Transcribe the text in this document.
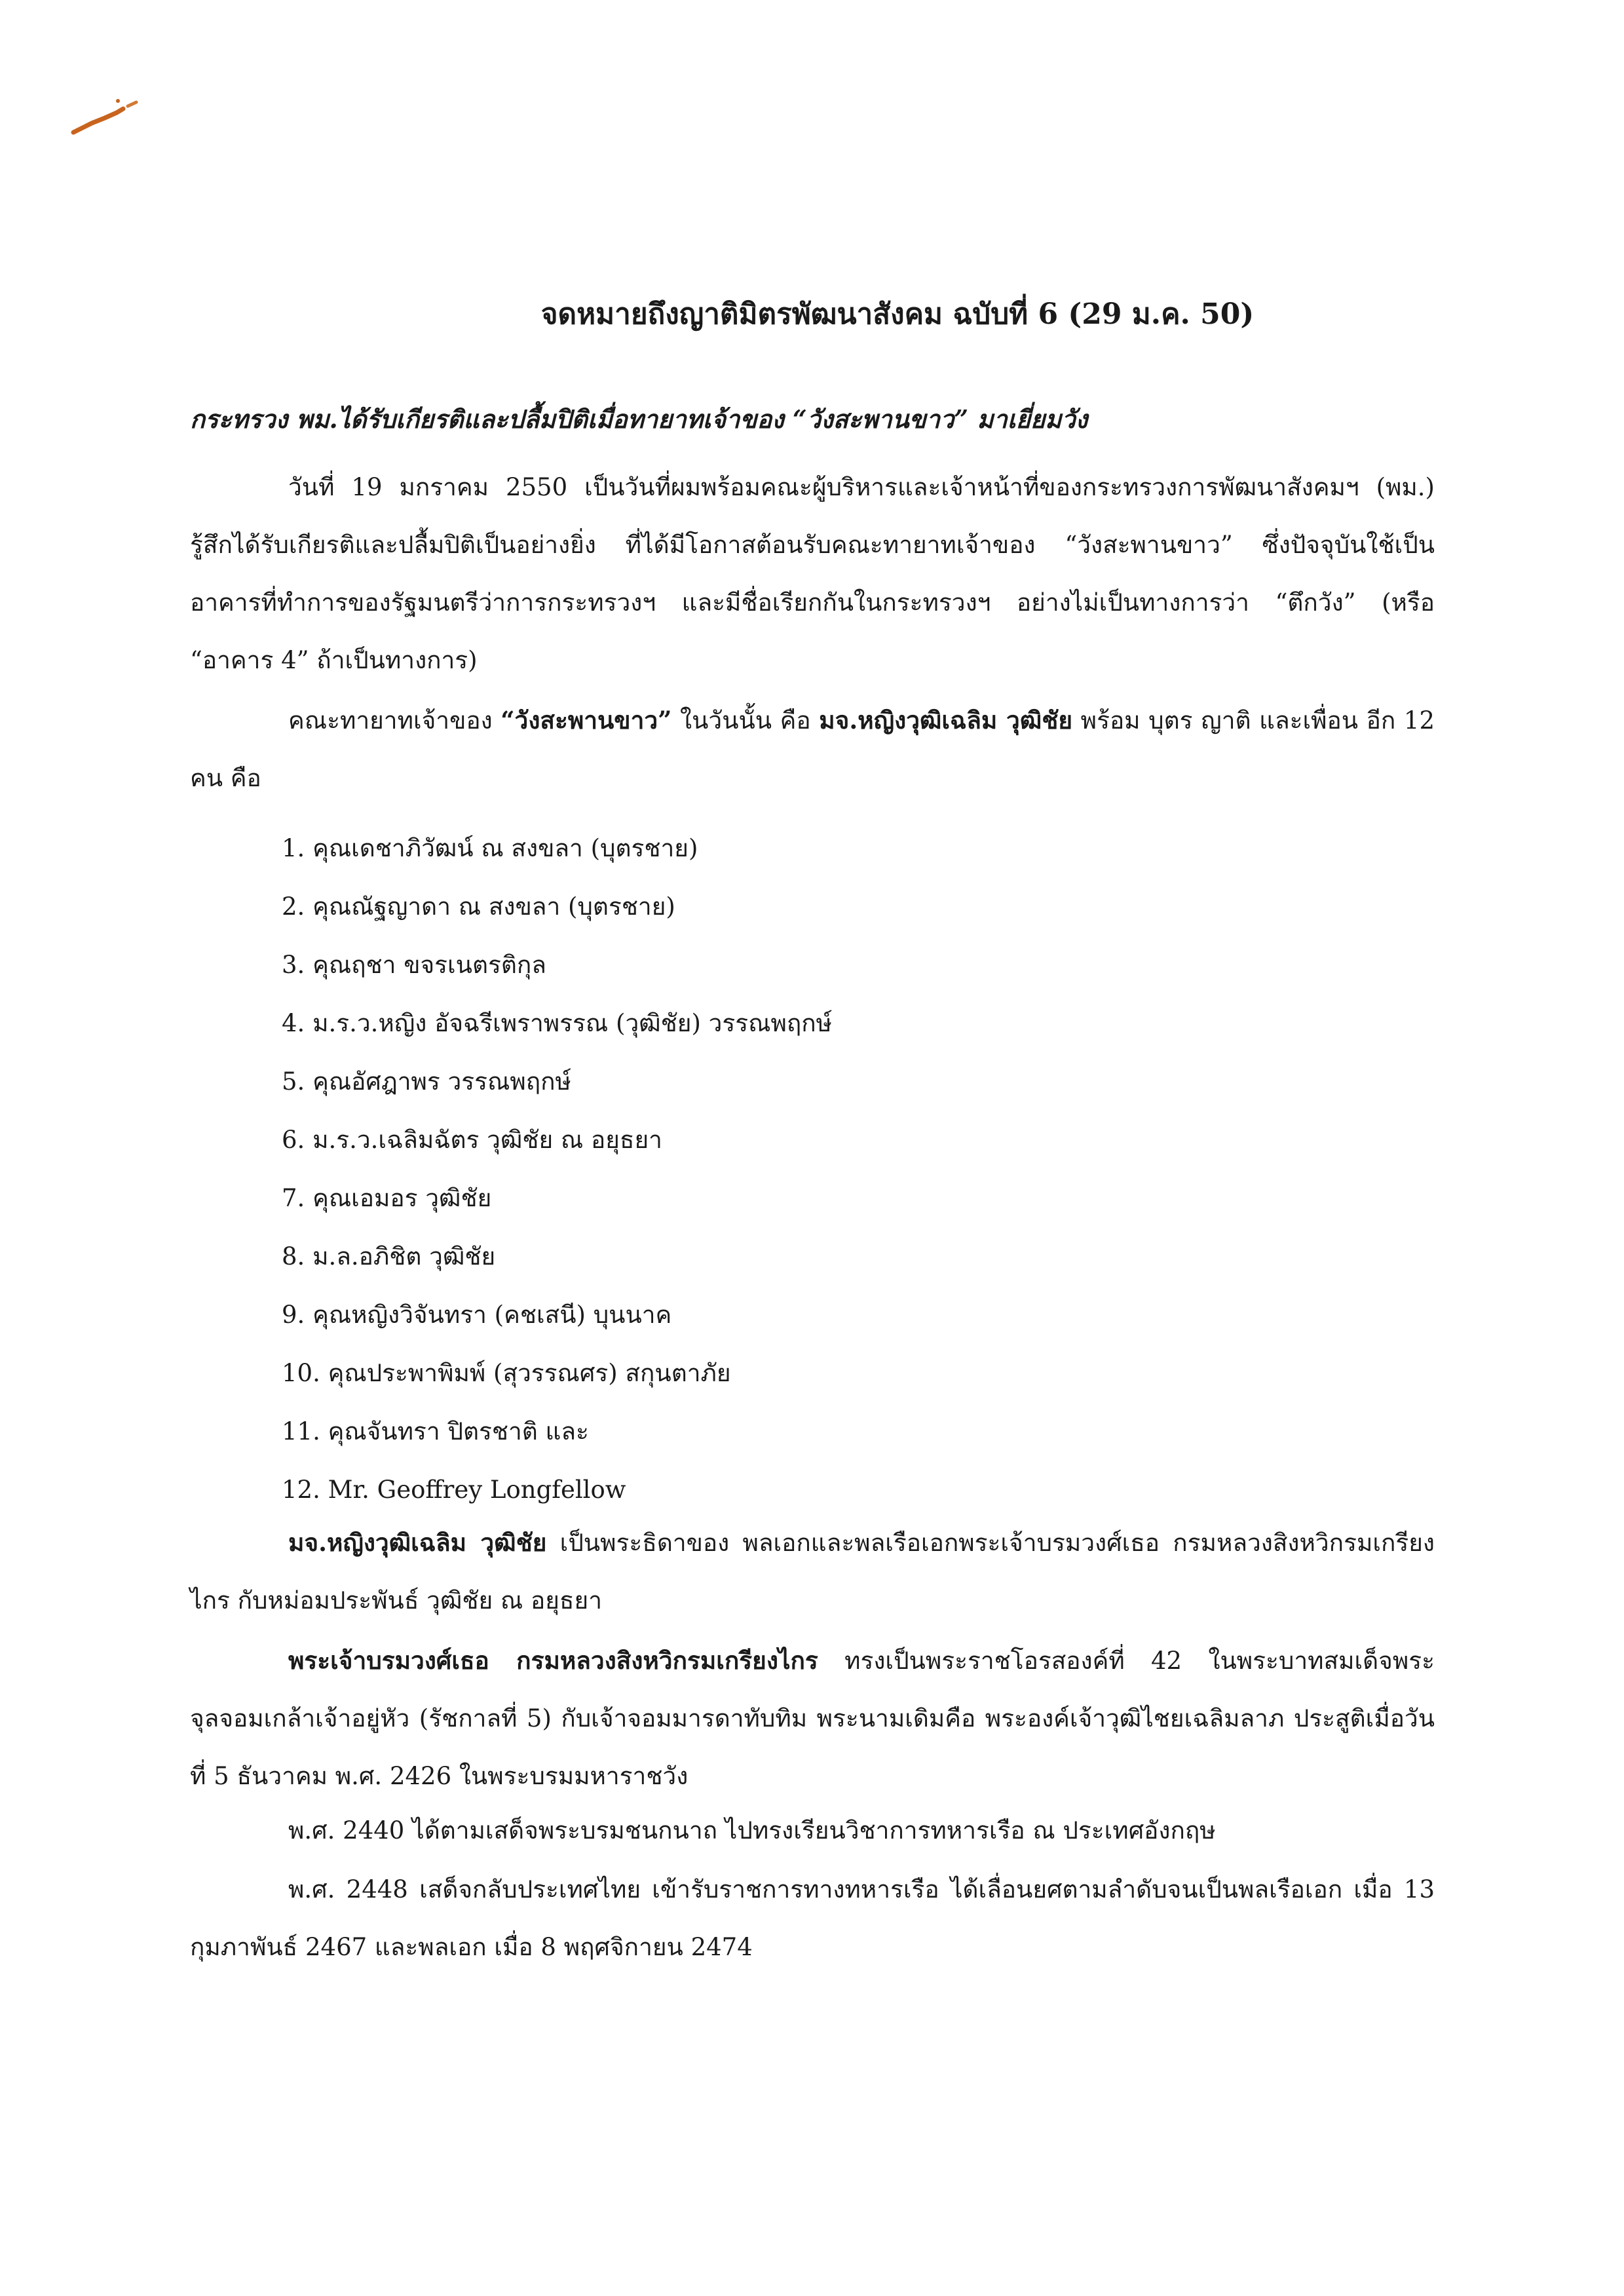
จดหมายถึงญาติมิตรพัฒนาสังคม ฉบับที่ 6 (29 ม.ค. 50)
กระทรวง พม.ได้รับเกียรติและปลื้มปิติเมื่อทายาทเจ้าของ “วังสะพานขาว” มาเยี่ยมวัง
วันที่ 19 มกราคม 2550 เป็นวันที่ผมพร้อมคณะผู้บริหารและเจ้าหน้าที่ของกระทรวงการพัฒนาสังคมฯ (พม.) รู้สึกได้รับเกียรติและปลื้มปิติเป็นอย่างยิ่ง ที่ได้มีโอกาสต้อนรับคณะทายาทเจ้าของ “วังสะพานขาว” ซึ่งปัจจุบันใช้เป็นอาคารที่ทำการของรัฐมนตรีว่าการกระทรวงฯ และมีชื่อเรียกกันในกระทรวงฯ อย่างไม่เป็นทางการว่า “ตึกวัง” (หรือ “อาคาร 4” ถ้าเป็นทางการ)
คณะทายาทเจ้าของ “วังสะพานขาว” ในวันนั้น คือ มจ.หญิงวุฒิเฉลิม วุฒิชัย พร้อม บุตร ญาติ และเพื่อน อีก 12 คน คือ
1. คุณเดชาภิวัฒน์ ณ สงขลา (บุตรชาย)
2. คุณณัฐญาดา ณ สงขลา (บุตรชาย)
3. คุณฤชา ขจรเนตรติกุล
4. ม.ร.ว.หญิง อัจฉรีเพราพรรณ (วุฒิชัย) วรรณพฤกษ์
5. คุณอัศฎาพร วรรณพฤกษ์
6. ม.ร.ว.เฉลิมฉัตร วุฒิชัย ณ อยุธยา
7. คุณเอมอร วุฒิชัย
8. ม.ล.อภิชิต วุฒิชัย
9. คุณหญิงวิจันทรา (คชเสนี) บุนนาค
10. คุณประพาพิมพ์ (สุวรรณศร) สกุนตาภัย
11. คุณจันทรา ปิตรชาติ และ
12. Mr. Geoffrey Longfellow
มจ.หญิงวุฒิเฉลิม วุฒิชัย เป็นพระธิดาของ พลเอกและพลเรือเอกพระเจ้าบรมวงศ์เธอ กรมหลวงสิงหวิกรมเกรียงไกร กับหม่อมประพันธ์ วุฒิชัย ณ อยุธยา
พระเจ้าบรมวงศ์เธอ กรมหลวงสิงหวิกรมเกรียงไกร ทรงเป็นพระราชโอรสองค์ที่ 42 ในพระบาทสมเด็จพระจุลจอมเกล้าเจ้าอยู่หัว (รัชกาลที่ 5) กับเจ้าจอมมารดาทับทิม พระนามเดิมคือ พระองค์เจ้าวุฒิไชยเฉลิมลาภ ประสูติเมื่อวันที่ 5 ธันวาคม พ.ศ. 2426 ในพระบรมมหาราชวัง
พ.ศ. 2440 ได้ตามเสด็จพระบรมชนกนาถ ไปทรงเรียนวิชาการทหารเรือ ณ ประเทศอังกฤษ
พ.ศ. 2448 เสด็จกลับประเทศไทย เข้ารับราชการทางทหารเรือ ได้เลื่อนยศตามลำดับจนเป็นพลเรือเอก เมื่อ 13 กุมภาพันธ์ 2467 และพลเอก เมื่อ 8 พฤศจิกายน 2474
